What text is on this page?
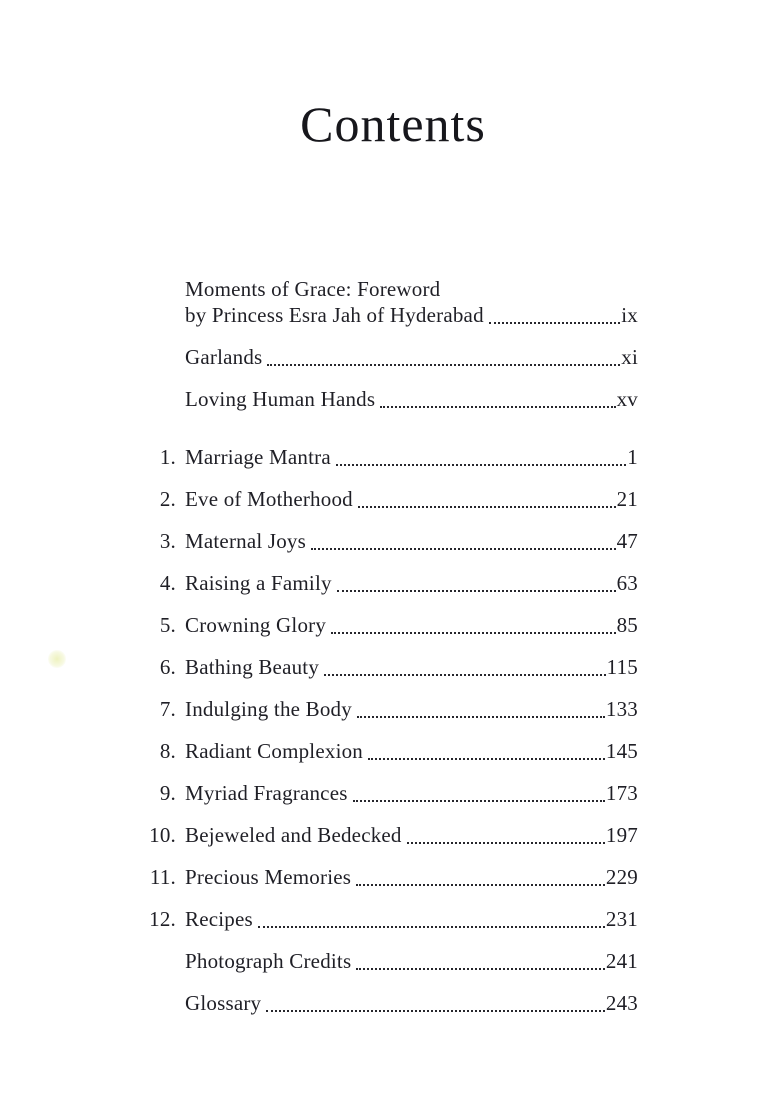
Contents
Moments of Grace: Foreword
by Princess Esra Jah of Hyderabad	ix
Garlands	xi
Loving Human Hands	xv
1. Marriage Mantra	1
2. Eve of Motherhood	21
3. Maternal Joys	47
4. Raising a Family	63
5. Crowning Glory	85
6. Bathing Beauty	115
7. Indulging the Body	133
8. Radiant Complexion	145
9. Myriad Fragrances	173
10. Bejeweled and Bedecked	197
11. Precious Memories	229
12. Recipes	231
Photograph Credits	241
Glossary	243
